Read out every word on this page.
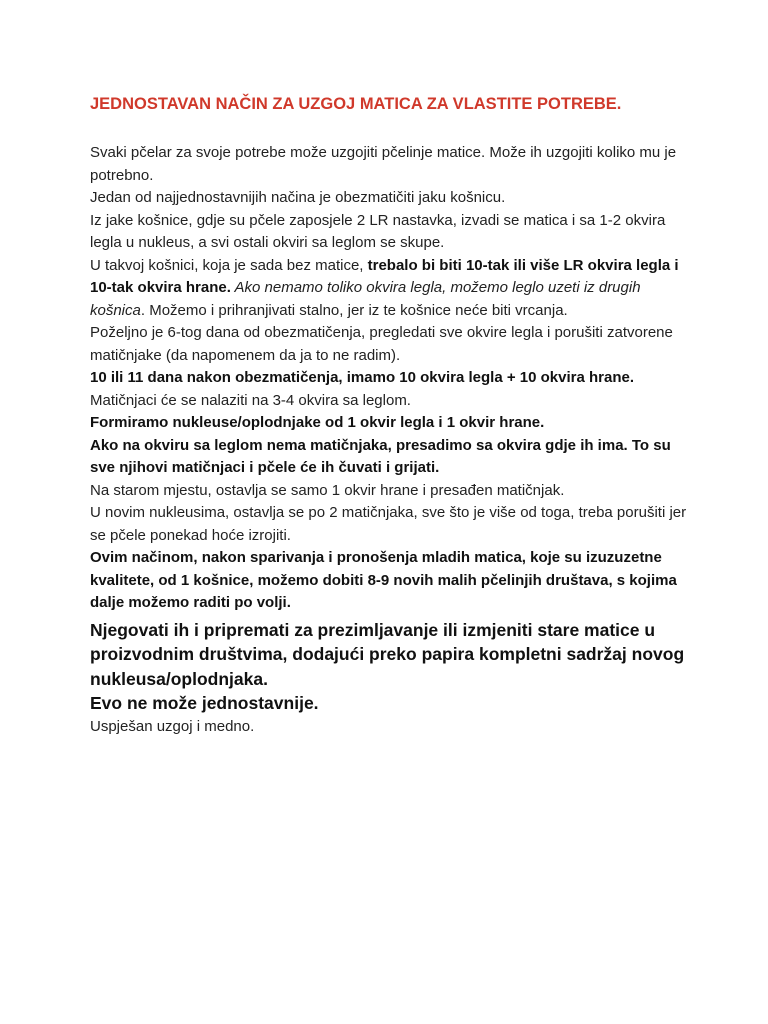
JEDNOSTAVAN NAČIN ZA UZGOJ MATICA ZA VLASTITE POTREBE.

Svaki pčelar za svoje potrebe može uzgojiti pčelinje matice. Može ih uzgojiti koliko mu je potrebno.

Jedan od najjednostavnijih načina je obezmatičiti jaku košnicu.

Iz jake košnice, gdje su pčele zaposjele 2 LR nastavka, izvadi se matica i sa 1-2 okvira legla u nukleus, a svi ostali okviri sa leglom se skupe.

U takvoj košnici, koja je sada bez matice, trebalo bi biti 10-tak ili više LR okvira legla i 10-tak okvira hrane. Ako nemamo toliko okvira legla, možemo leglo uzeti iz drugih košnica. Možemo i prihranjivati stalno, jer iz te košnice neće biti vrcanja.

Poželjno je 6-tog dana od obezmatičenja, pregledati sve okvire legla i porušiti zatvorene matičnjake (da napomenem da ja to ne radim).

10 ili 11 dana nakon obezmatičenja, imamo 10 okvira legla + 10 okvira hrane.

Matičnjaci će se nalaziti na 3-4 okvira sa leglom.

Formiramo nukleuse/oplodnjake od 1 okvir legla i 1 okvir hrane.

Ako na okviru sa leglom nema matičnjaka, presadimo sa okvira gdje ih ima. To su sve njihovi matičnjaci i pčele će ih čuvati i grijati.

Na starom mjestu, ostavlja se samo 1 okvir hrane i presađen matičnjak.

U novim nukleusima, ostavlja se po 2 matičnjaka, sve što je više od toga, treba porušiti jer se pčele ponekad hoće izrojiti.

Ovim načinom, nakon sparivanja i pronošenja mladih matica, koje su izuzuzetne kvalitete, od 1 košnice, možemo dobiti 8-9 novih malih pčelinjih društava, s kojima dalje možemo raditi po volji.

Njegovati ih i pripremati za prezimljavanje ili izmjeniti stare matice u proizvodnim društvima, dodajući preko papira kompletni sadržaj novog nukleusa/oplodnjaka.

Evo ne može jednostavnije.

Uspješan uzgoj i medno.
